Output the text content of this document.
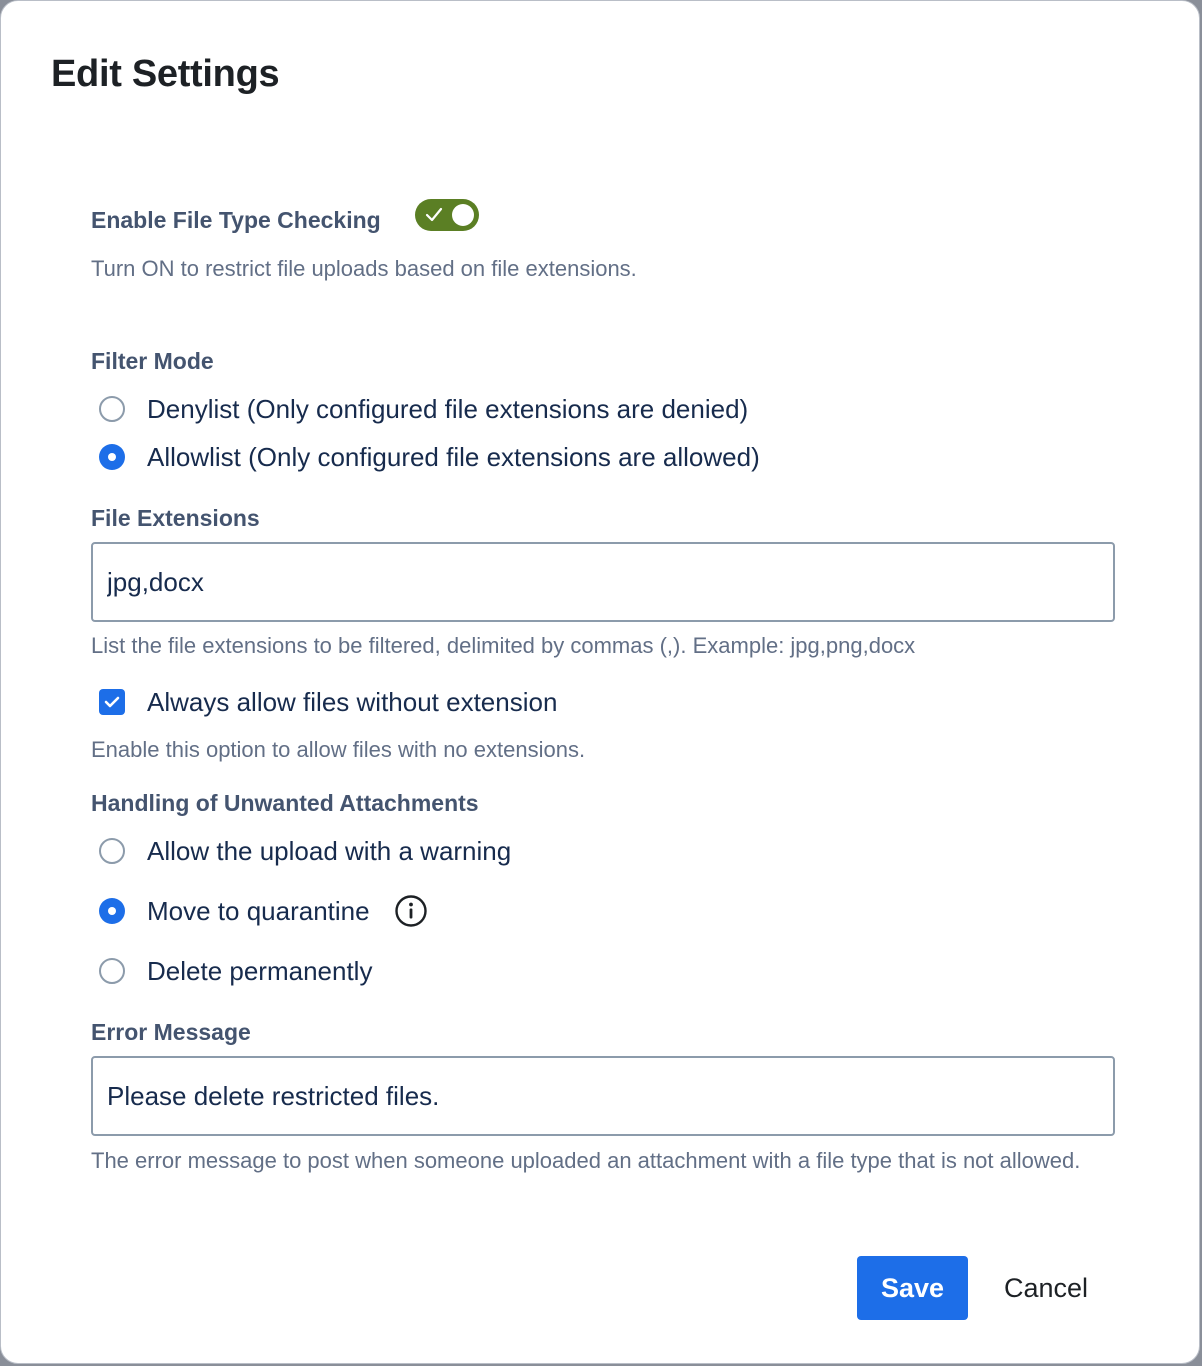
Edit Settings
Enable File Type Checking
Turn ON to restrict file uploads based on file extensions.
Filter Mode
Denylist (Only configured file extensions are denied)
Allowlist (Only configured file extensions are allowed)
File Extensions
jpg,docx
List the file extensions to be filtered, delimited by commas (,). Example: jpg,png,docx
Always allow files without extension
Enable this option to allow files with no extensions.
Handling of Unwanted Attachments
Allow the upload with a warning
Move to quarantine
Delete permanently
Error Message
Please delete restricted files.
The error message to post when someone uploaded an attachment with a file type that is not allowed.
Save	Cancel
